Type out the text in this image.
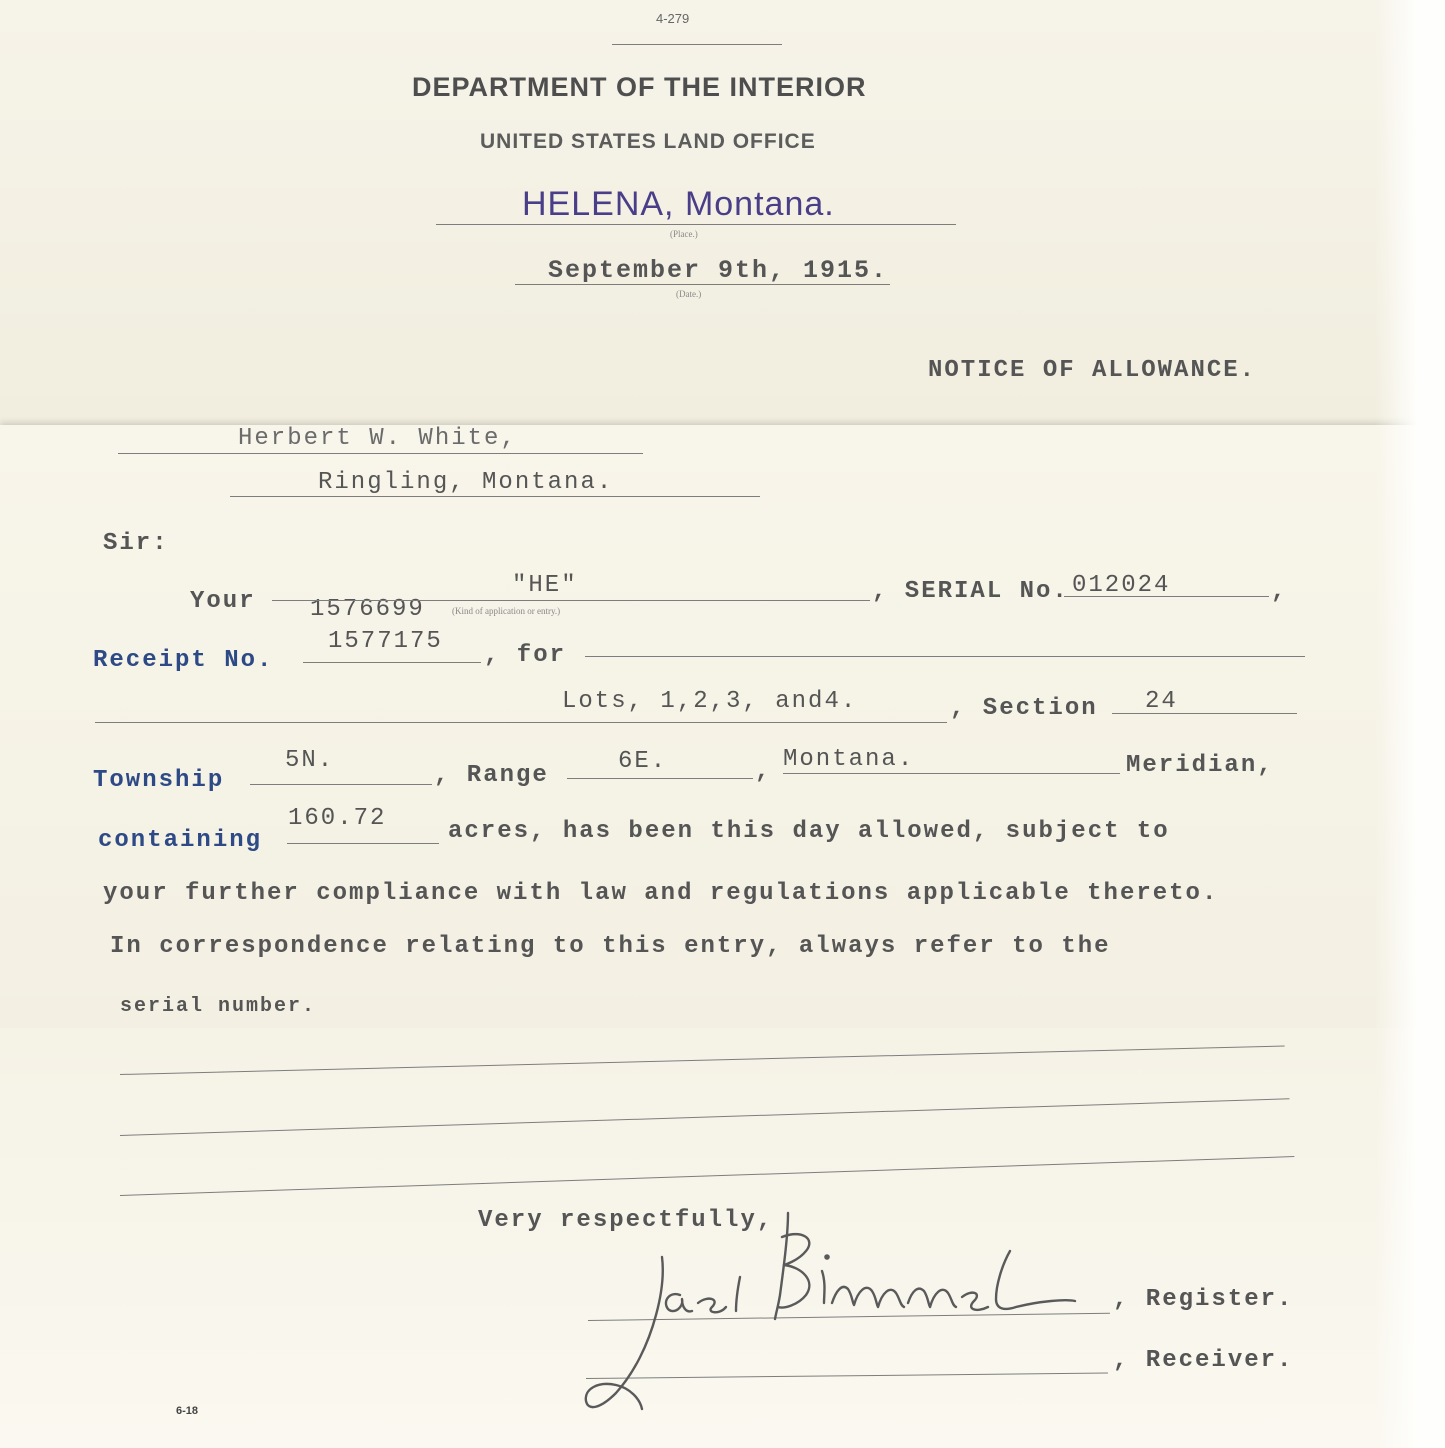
4-279
DEPARTMENT OF THE INTERIOR
UNITED STATES LAND OFFICE
HELENA, Montana.
(Place.)
September 9th, 1915.
(Date.)
NOTICE OF ALLOWANCE.
Herbert W. White,
Ringling, Montana.
Sir:
Your 1576699
"HE"
(Kind of application or entry.)
, SERIAL No. 012024	,
Receipt No.
1577175
, for
Lots, 1,2,3, and4.	, Section 24
Township
5N.
, Range
6E.	, Montana.	Meridian,
containing
160.72	acres, has been this day allowed, subject to
your further compliance with law and regulations applicable thereto.
In correspondence relating to this entry, always refer to the
serial number.
Very respectfully,
, Register.
, Receiver.
6-18
